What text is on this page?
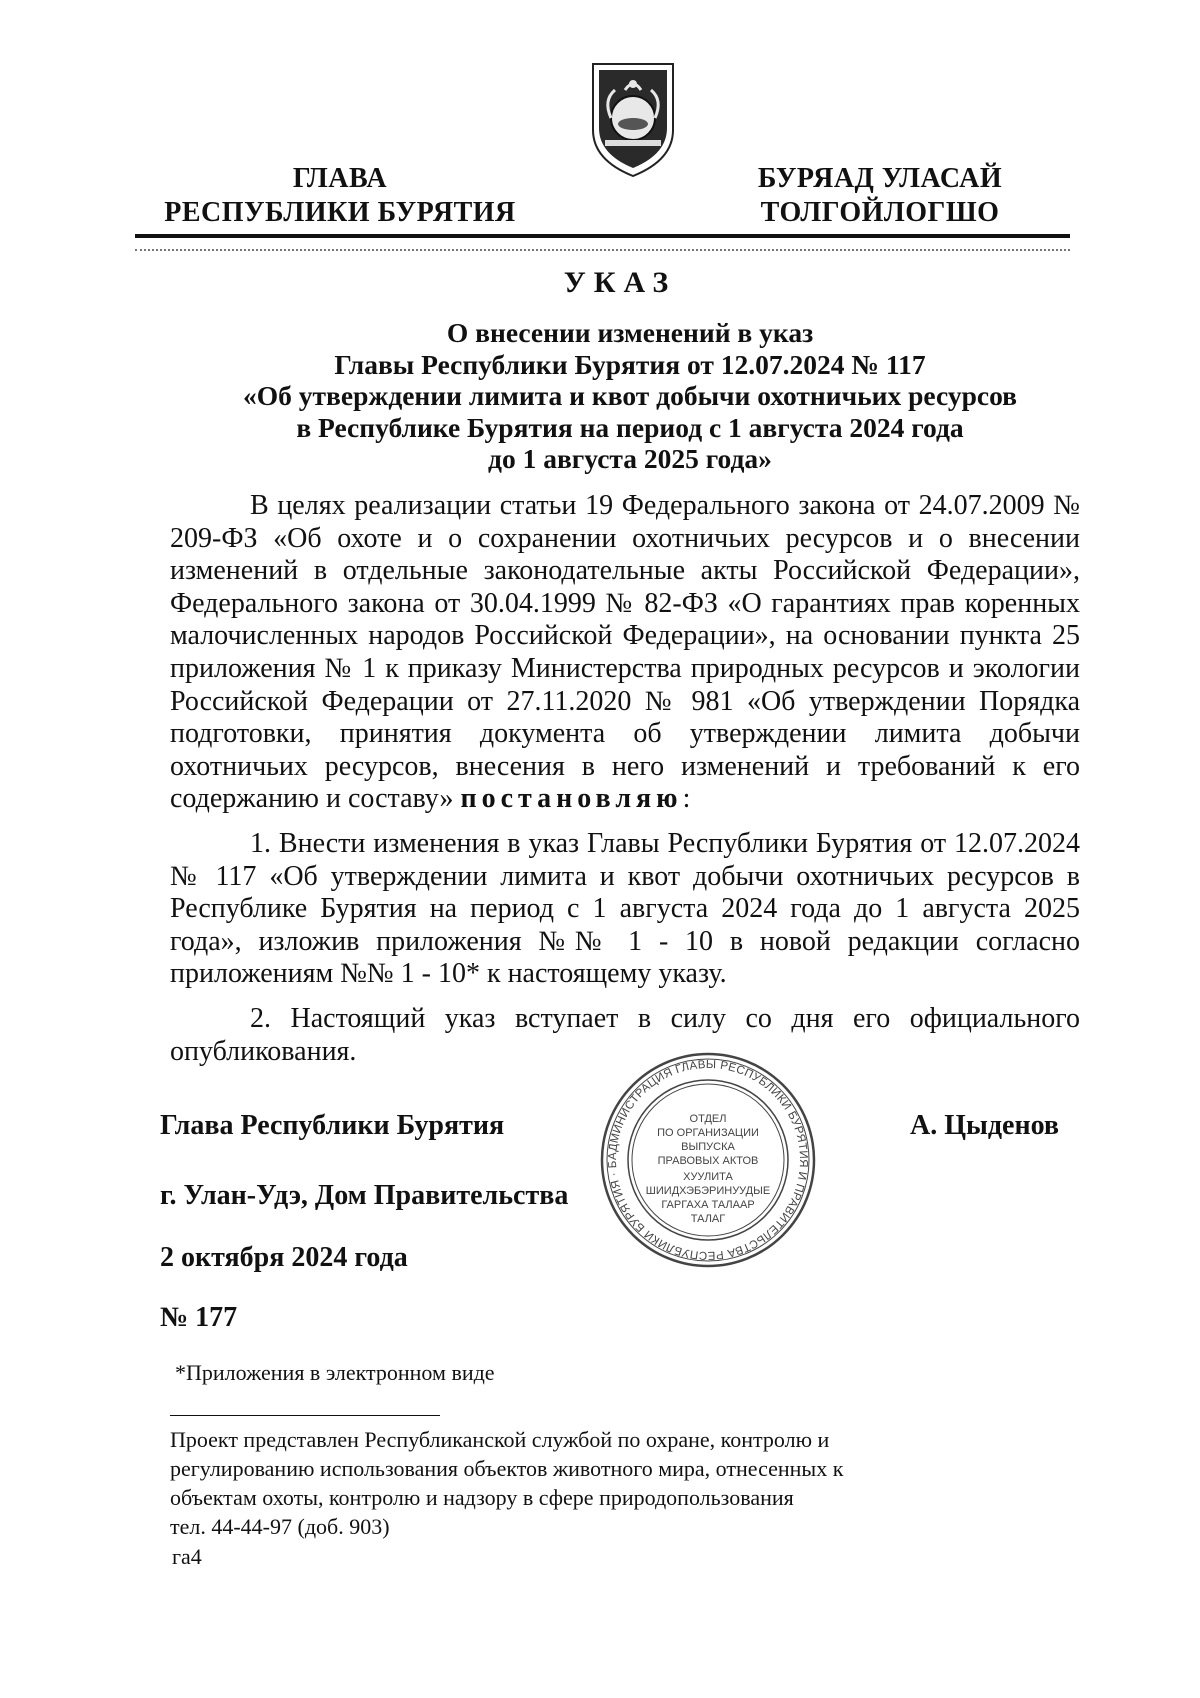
ГЛАВА
РЕСПУБЛИКИ БУРЯТИЯ
БУРЯАД УЛАСАЙ
ТОЛГОЙЛОГШО
УКАЗ
О внесении изменений в указ
Главы Республики Бурятия от 12.07.2024 № 117
«Об утверждении лимита и квот добычи охотничьих ресурсов
в Республике Бурятия на период с 1 августа 2024 года
до 1 августа 2025 года»

В целях реализации статьи 19 Федерального закона от 24.07.2009 № 209-ФЗ «Об охоте и о сохранении охотничьих ресурсов и о внесении изменений в отдельные законодательные акты Российской Федерации», Федерального закона от 30.04.1999 № 82-ФЗ «О гарантиях прав коренных малочисленных народов Российской Федерации», на основании пункта 25 приложения № 1 к приказу Министерства природных ресурсов и экологии Российской Федерации от 27.11.2020 № 981 «Об утверждении Порядка подготовки, принятия документа об утверждении лимита добычи охотничьих ресурсов, внесения в него изменений и требований к его содержанию и составу» постановляю:

1. Внести изменения в указ Главы Республики Бурятия от 12.07.2024 № 117 «Об утверждении лимита и квот добычи охотничьих ресурсов в Республике Бурятия на период с 1 августа 2024 года до 1 августа 2025 года», изложив приложения №№ 1 - 10 в новой редакции согласно приложениям №№ 1 - 10* к настоящему указу.

2. Настоящий указ вступает в силу со дня его официального опубликования.

Глава Республики Бурятия	А. Цыденов
АДМИНИСТРАЦИЯ ГЛАВЫ РЕСПУБЛИКИ БУРЯТИЯ И ПРАВИТЕЛЬСТВА РЕСПУБЛИКИ БУРЯТИЯ · Б
ОТДЕЛ
ПО ОРГАНИЗАЦИИ
ВЫПУСКА
ПРАВОВЫХ АКТОВ
ХУУЛИТА
ШИИДХЭБЭРИНУУДЫЕ
ГАРГАХА ТАЛААР
ТАЛАГ
г. Улан-Удэ, Дом Правительства
2 октября 2024 года
№ 177
*Приложения в электронном виде
Проект представлен Республиканской службой по охране, контролю и
регулированию использования объектов животного мира, отнесенных к
объектам охоты, контролю и надзору в сфере природопользования
тел. 44-44-97 (доб. 903)
га4
